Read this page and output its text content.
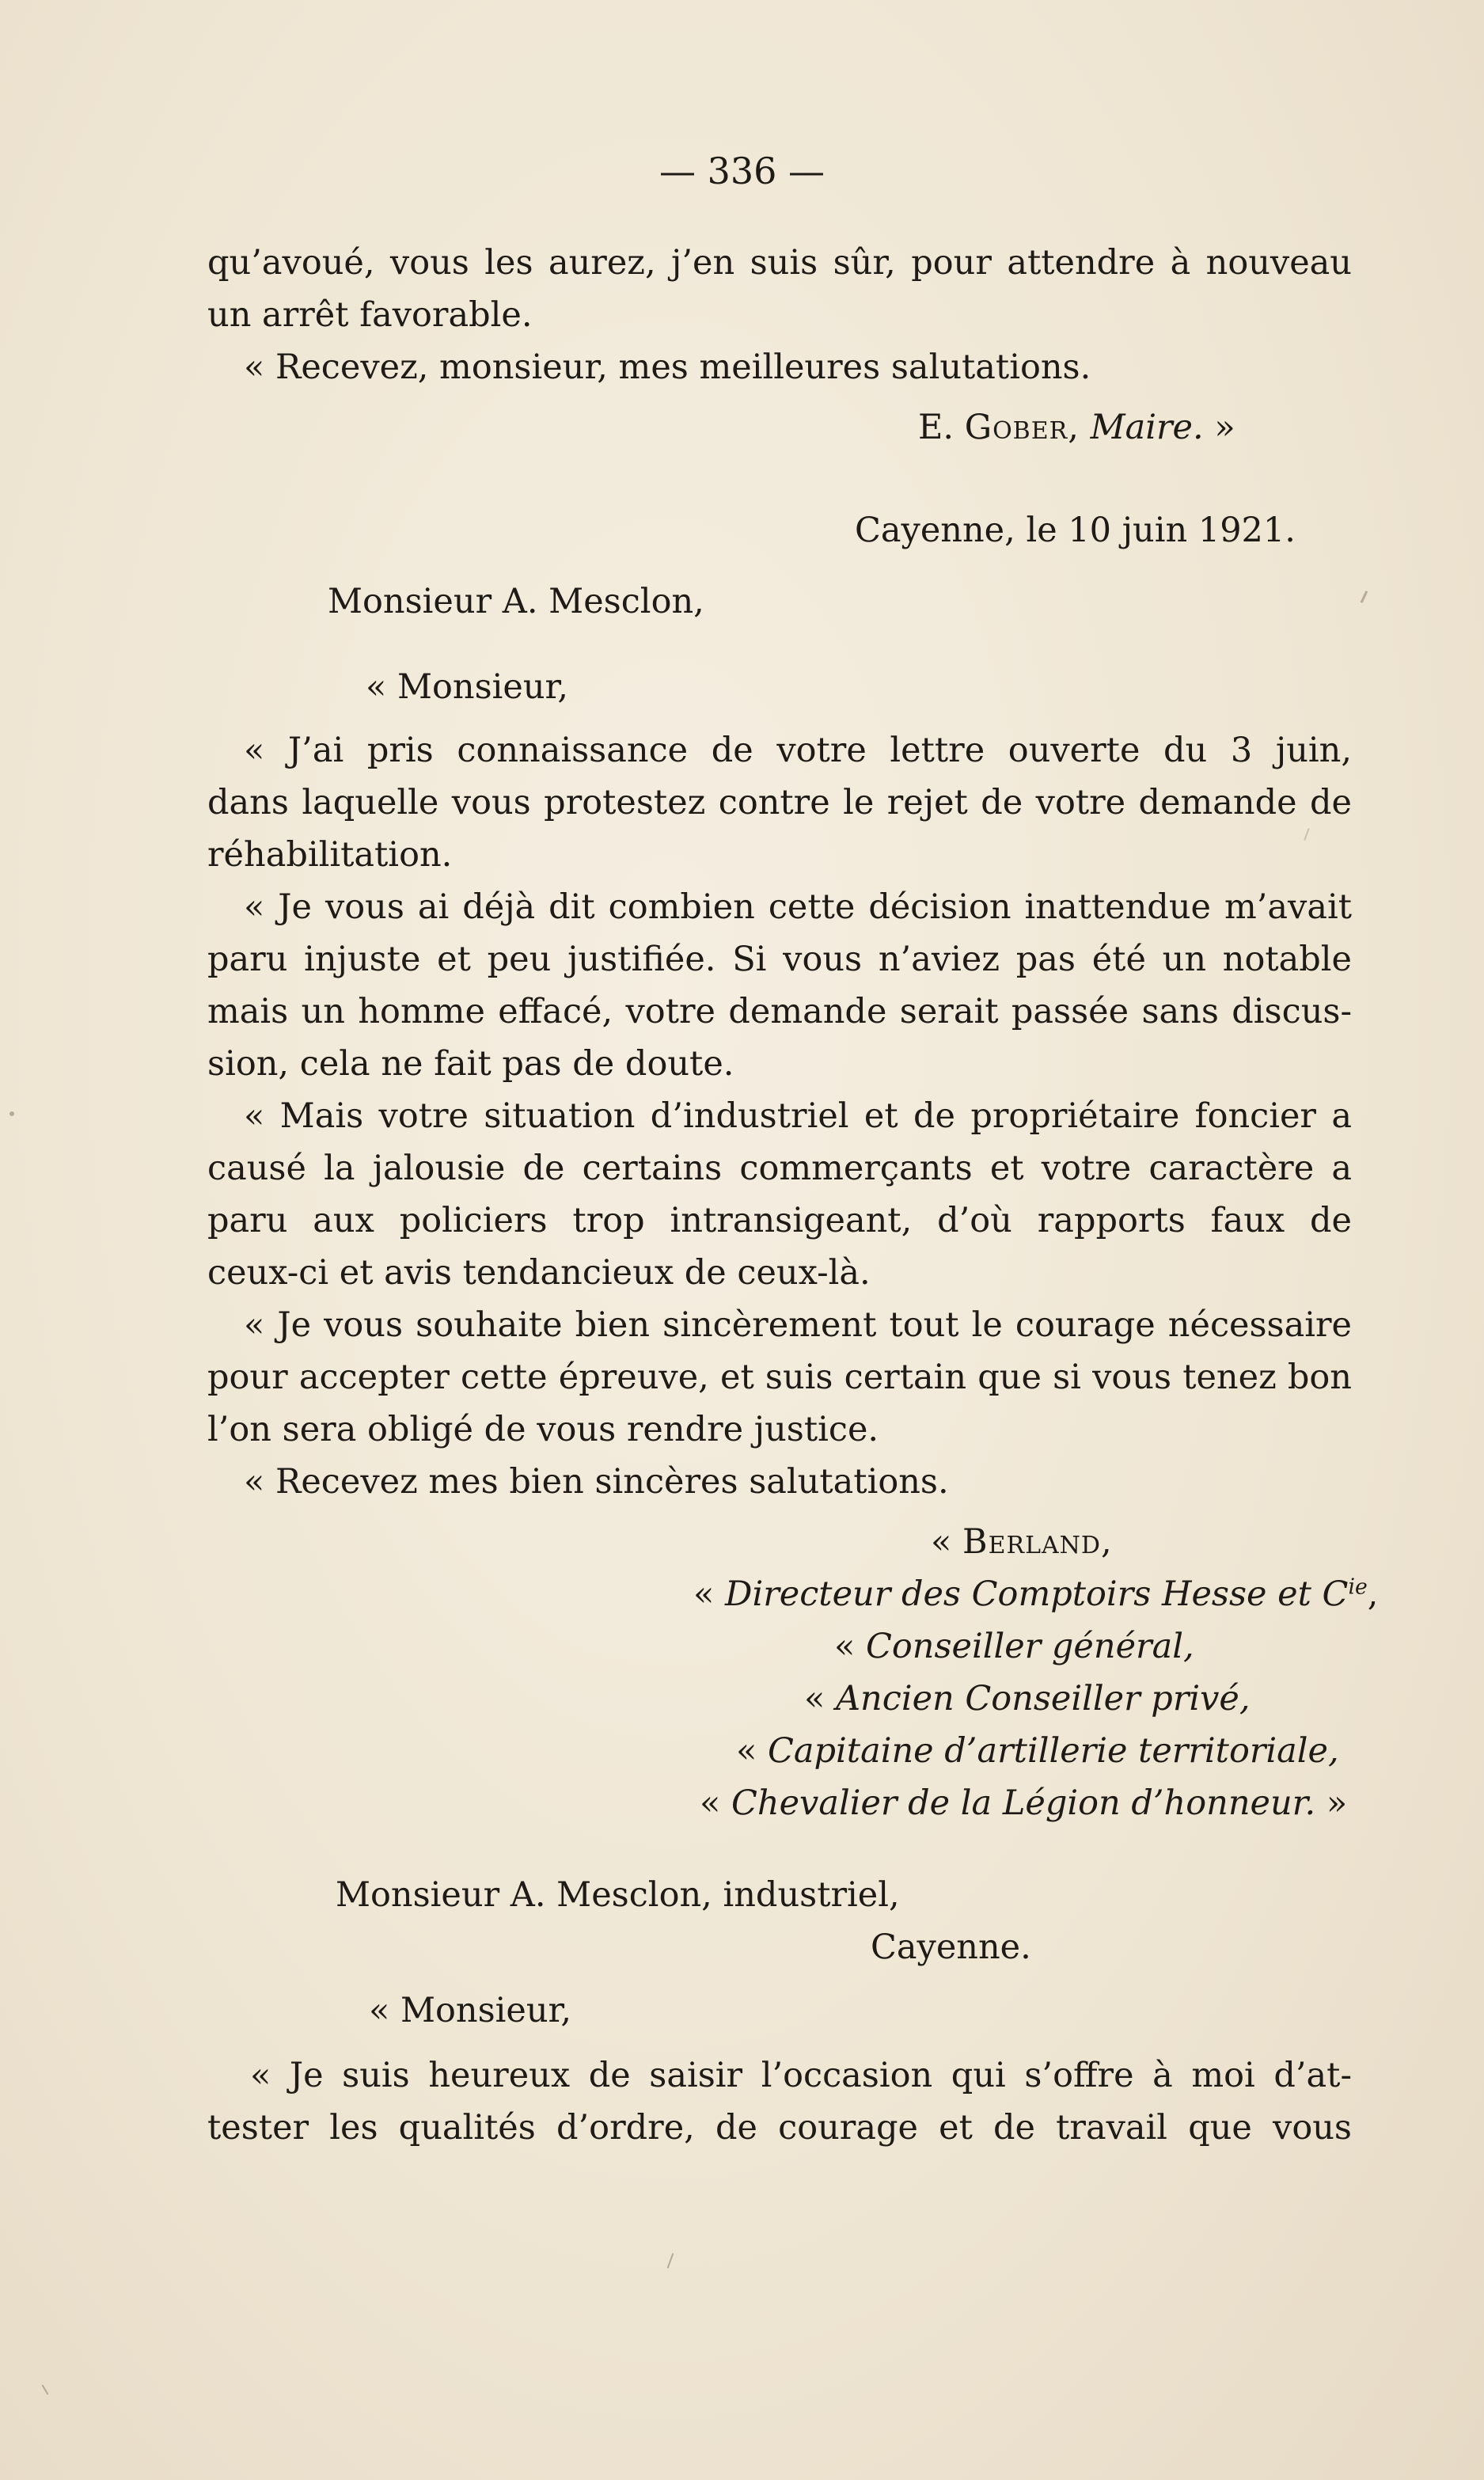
— 336 —
qu’avoué, vous les aurez, j’en suis sûr, pour attendre à nouveau
un arrêt favorable.
« Recevez, monsieur, mes meilleures salutations.
E. Gober, Maire. »
Cayenne, le 10 juin 1921.
Monsieur A. Mesclon,
« Monsieur,
« J’ai pris connaissance de votre lettre ouverte du 3 juin,
dans laquelle vous protestez contre le rejet de votre demande de
réhabilitation.
« Je vous ai déjà dit combien cette décision inattendue m’avait
paru injuste et peu justifiée. Si vous n’aviez pas été un notable
mais un homme effacé, votre demande serait passée sans discus-
sion, cela ne fait pas de doute.
« Mais votre situation d’industriel et de propriétaire foncier a
causé la jalousie de certains commerçants et votre caractère a
paru aux policiers trop intransigeant, d’où rapports faux de
ceux-ci et avis tendancieux de ceux-là.
« Je vous souhaite bien sincèrement tout le courage nécessaire
pour accepter cette épreuve, et suis certain que si vous tenez bon
l’on sera obligé de vous rendre justice.
« Recevez mes bien sincères salutations.
« Berland,
« Directeur des Comptoirs Hesse et $C^{ie}$,
« Conseiller général,
« Ancien Conseiller privé,
« Capitaine d’artillerie territoriale,
« Chevalier de la Légion d’honneur. »
Monsieur A. Mesclon, industriel,
Cayenne.
« Monsieur,
« Je suis heureux de saisir l’occasion qui s’offre à moi d’at-
tester les qualités d’ordre, de courage et de travail que vous
